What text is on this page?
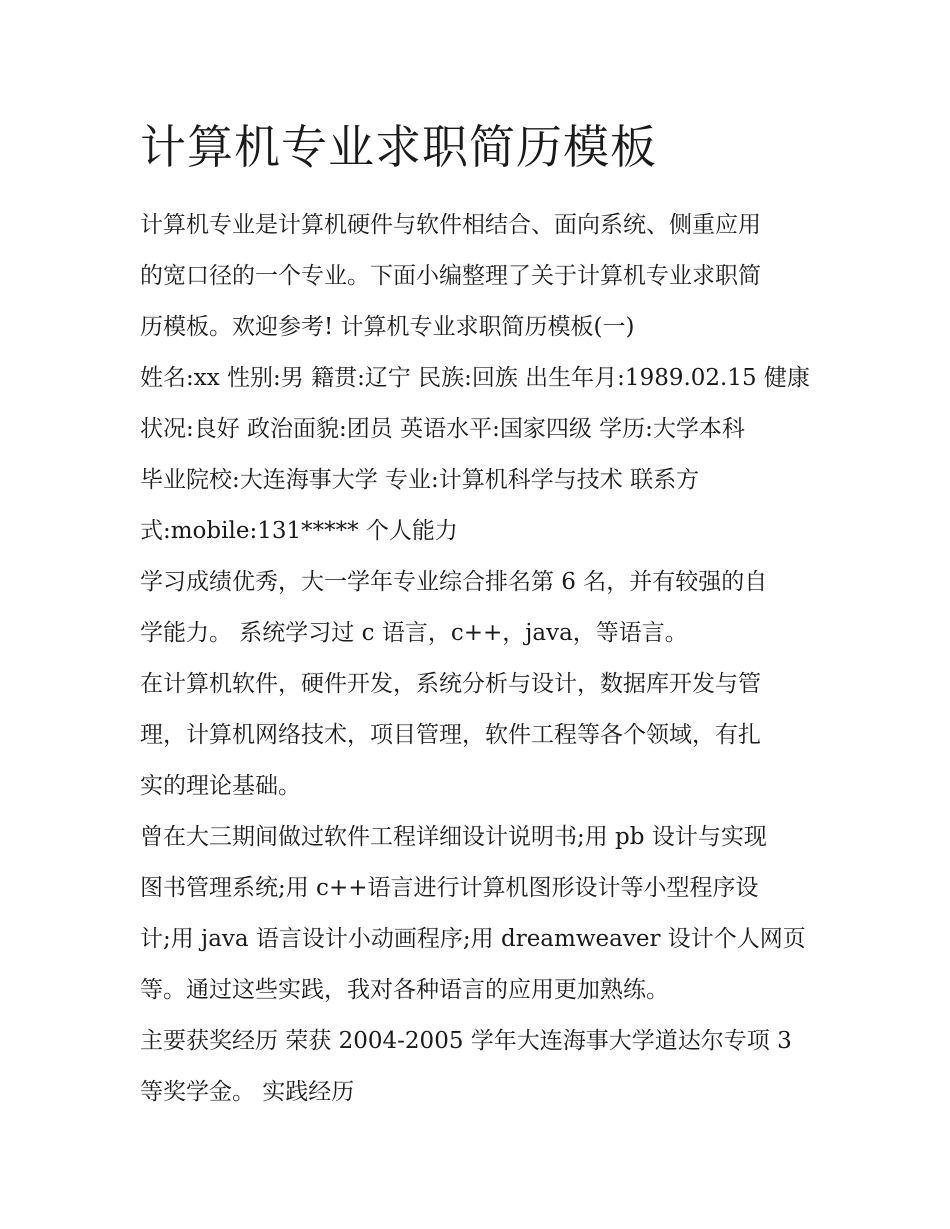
计算机专业求职简历模板

计算机专业是计算机硬件与软件相结合、面向系统、侧重应用

的宽口径的一个专业。下面小编整理了关于计算机专业求职简

历模板。欢迎参考! 计算机专业求职简历模板(一)

姓名:xx 性别:男 籍贯:辽宁 民族:回族 出生年月:1989.02.15 健康

状况:良好 政治面貌:团员 英语水平:国家四级 学历:大学本科

毕业院校:大连海事大学 专业:计算机科学与技术 联系方

式:mobile:131***** 个人能力

学习成绩优秀，大一学年专业综合排名第 6 名，并有较强的自

学能力。 系统学习过 c 语言，c++，java，等语言。

在计算机软件，硬件开发，系统分析与设计，数据库开发与管

理，计算机网络技术，项目管理，软件工程等各个领域，有扎

实的理论基础。

曾在大三期间做过软件工程详细设计说明书;用 pb 设计与实现

图书管理系统;用 c++语言进行计算机图形设计等小型程序设

计;用 java 语言设计小动画程序;用 dreamweaver 设计个人网页

等。通过这些实践，我对各种语言的应用更加熟练。

主要获奖经历 荣获 2004-2005 学年大连海事大学道达尔专项 3

等奖学金。 实践经历
